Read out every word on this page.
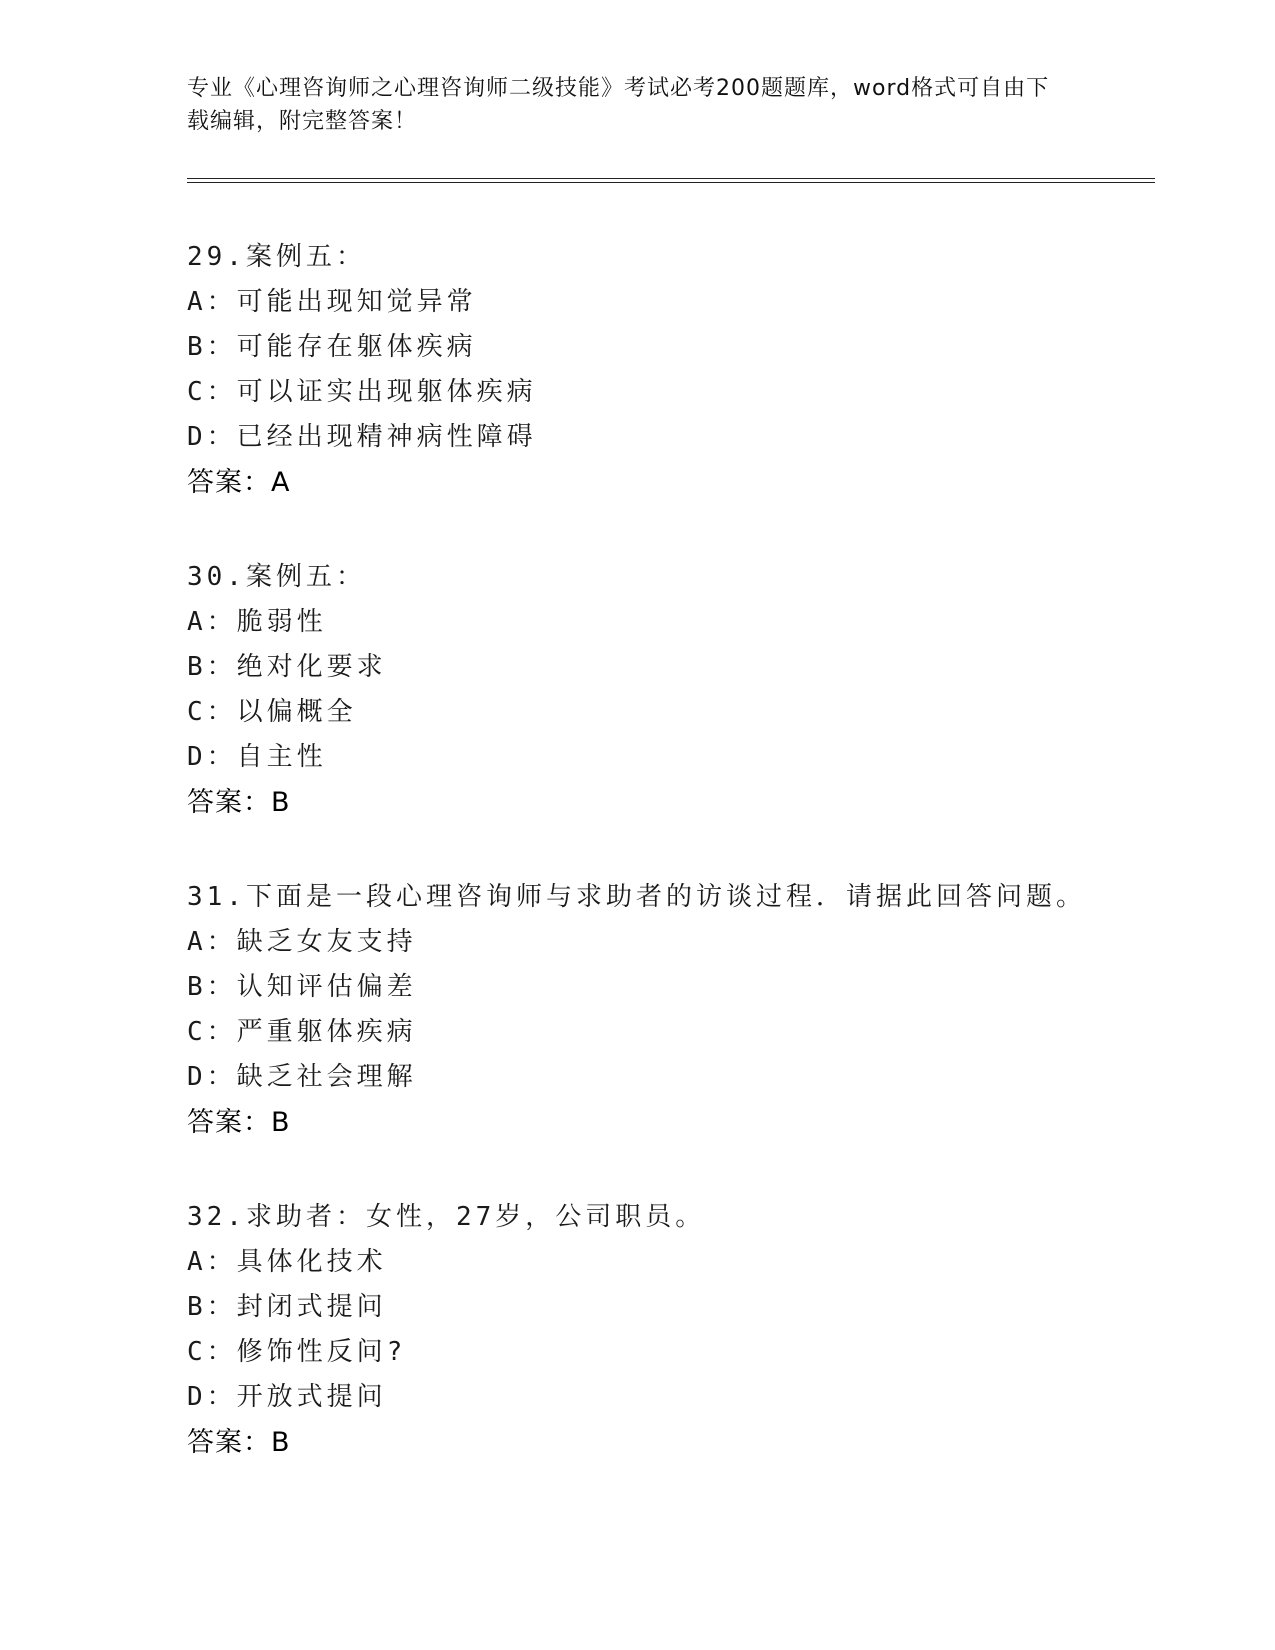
专业《心理咨询师之心理咨询师二级技能》考试必考200题题库，word格式可自由下载编辑，附完整答案！
29.案例五：
A：可能出现知觉异常
B：可能存在躯体疾病
C：可以证实出现躯体疾病
D：已经出现精神病性障碍
答案：A
30.案例五：
A：脆弱性
B：绝对化要求
C：以偏概全
D：自主性
答案：B
31.下面是一段心理咨询师与求助者的访谈过程．请据此回答问题。
A：缺乏女友支持
B：认知评估偏差
C：严重躯体疾病
D：缺乏社会理解
答案：B
32.求助者：女性，27岁，公司职员。
A：具体化技术
B：封闭式提问
C：修饰性反问?
D：开放式提问
答案：B
